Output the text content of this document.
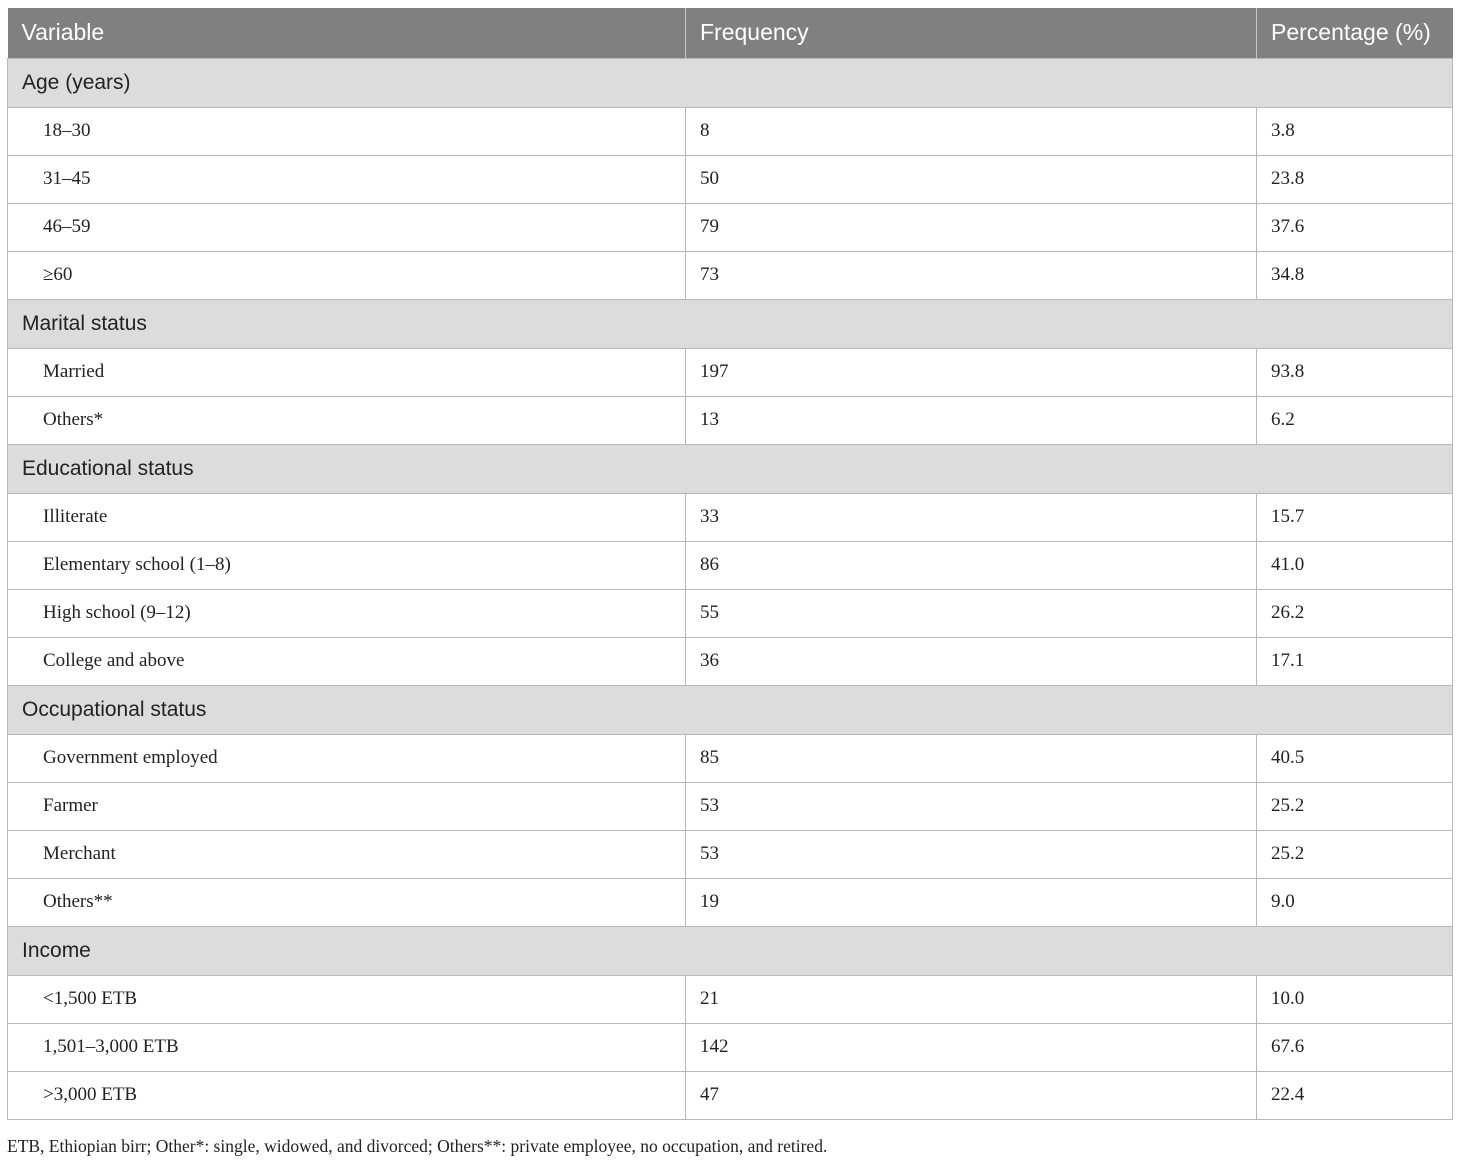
Variable	Frequency	Percentage (%)
Age (years)		
18–30	8	3.8
31–45	50	23.8
46–59	79	37.6
≥60	73	34.8
Marital status		
Married	197	93.8
Others*	13	6.2
Educational status		
Illiterate	33	15.7
Elementary school (1–8)	86	41.0
High school (9–12)	55	26.2
College and above	36	17.1
Occupational status		
Government employed	85	40.5
Farmer	53	25.2
Merchant	53	25.2
Others**	19	9.0
Income		
<1,500 ETB	21	10.0
1,501–3,000 ETB	142	67.6
>3,000 ETB	47	22.4
ETB, Ethiopian birr; Other*: single, widowed, and divorced; Others**: private employee, no occupation, and retired.
